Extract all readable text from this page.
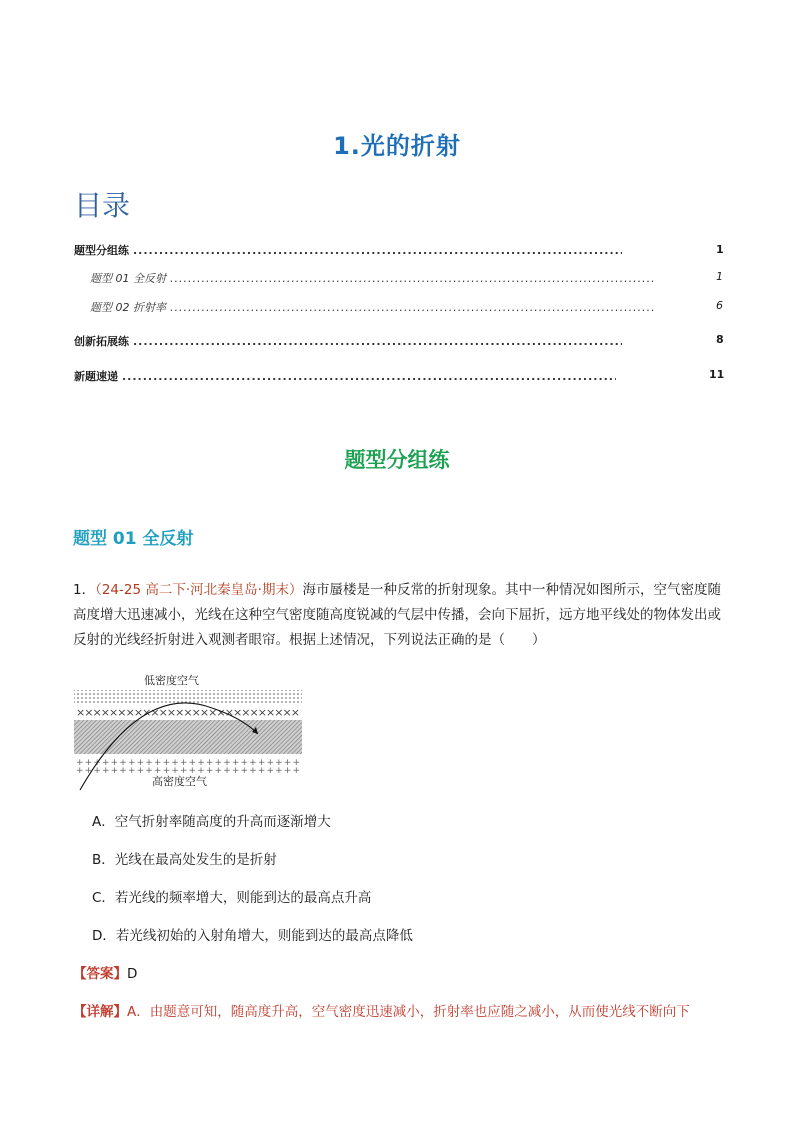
1.光的折射
目录
题型分组练 .....	1
题型 01 全反射 .....	1
题型 02 折射率 .....	6
创新拓展练 .....	8
新题速递 .....	11
题型分组练
题型 01 全反射
1．（24-25 高二下·河北秦皇岛·期末）海市蜃楼是一种反常的折射现象。其中一种情况如图所示，空气密度随高度增大迅速减小，光线在这种空气密度随高度锐减的气层中传播，会向下屈折，远方地平线处的物体发出或反射的光线经折射进入观测者眼帘。根据上述情况，下列说法正确的是（　　）
×××××××××××××××××××××××××××
+ + + + + + + + + + + + + + + + + + + + + + + + + +
+ + + + + + + + + + + + + + + + + + + + + + + + + +
低密度空气
高密度空气
A．空气折射率随高度的升高而逐渐增大
B．光线在最高处发生的是折射
C．若光线的频率增大，则能到达的最高点升高
D．若光线初始的入射角增大，则能到达的最高点降低
【答案】D
【详解】A．由题意可知，随高度升高，空气密度迅速减小，折射率也应随之减小，从而使光线不断向下
